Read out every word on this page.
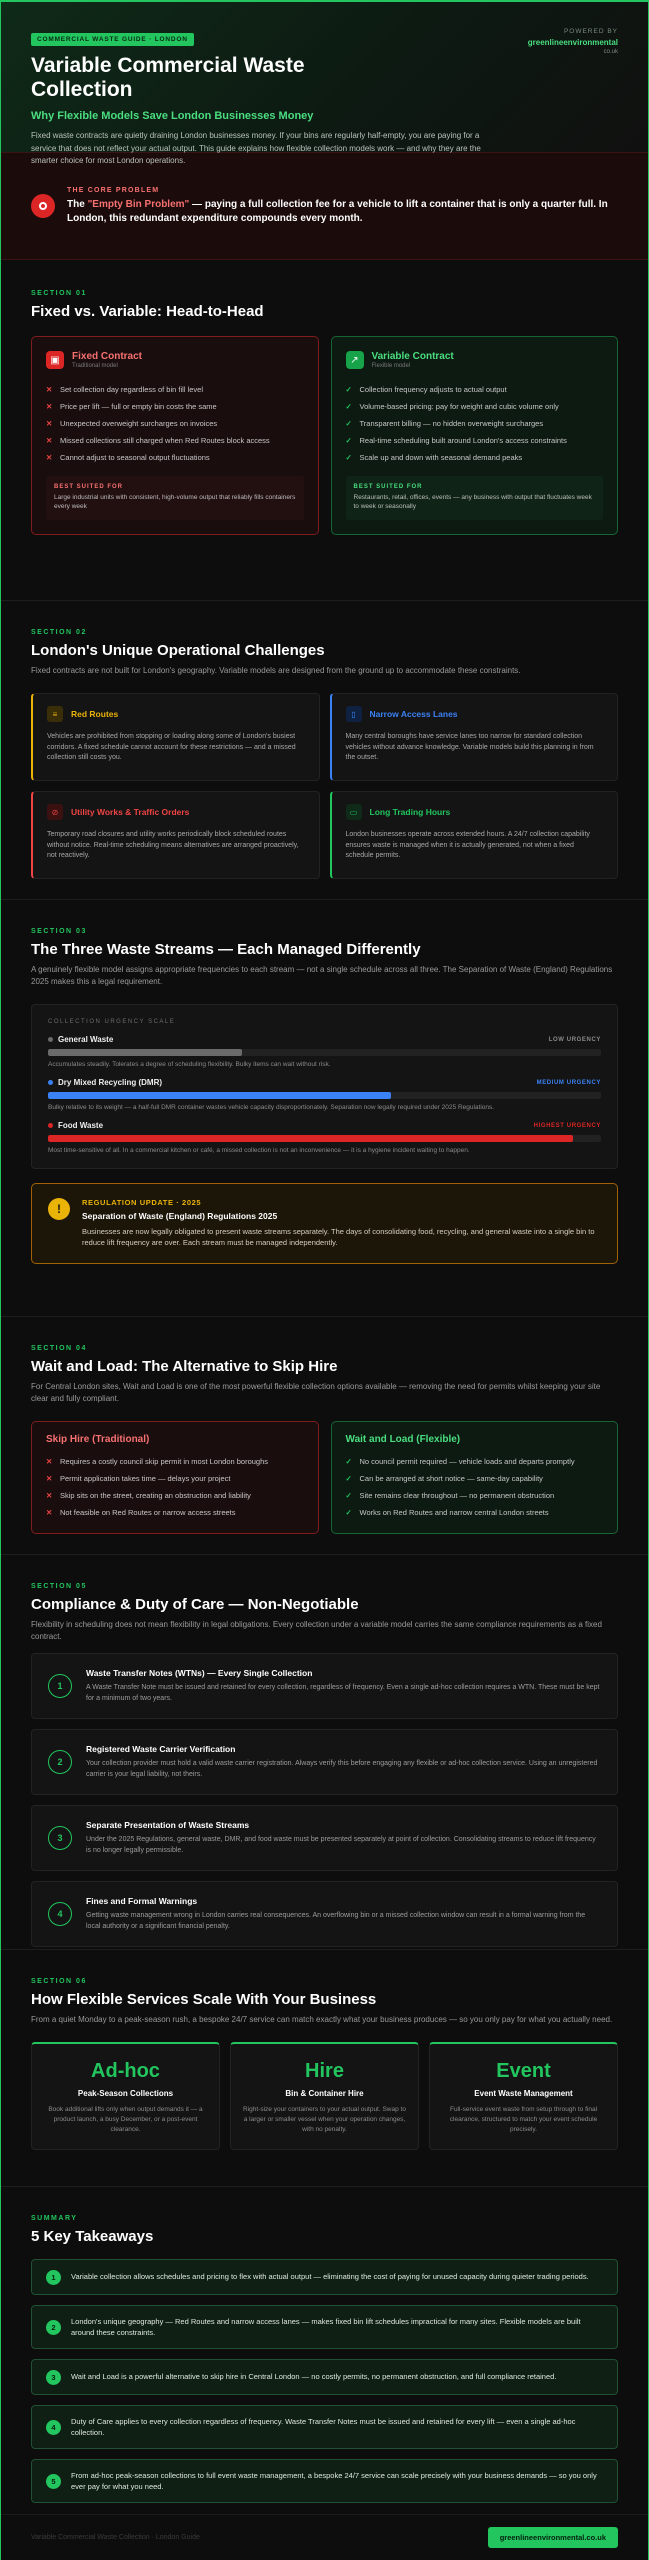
COMMERCIAL WASTE GUIDE · LONDON
Variable Commercial Waste Collection
Why Flexible Models Save London Businesses Money

Fixed waste contracts are quietly draining London businesses money. If your bins are regularly half-empty, you are paying for a service that does not reflect your actual output. This guide explains how flexible collection models work — and why they are the smarter choice for most London operations.

POWERED BY
greenlineenvironmental
co.uk
THE CORE PROBLEM
The "Empty Bin Problem" — paying a full collection fee for a vehicle to lift a container that is only a quarter full. In London, this redundant expenditure compounds every month.
SECTION 01
Fixed vs. Variable: Head-to-Head
▣	Fixed Contract
Traditional model
✕ Set collection day regardless of bin fill level
✕ Price per lift — full or empty bin costs the same
✕ Unexpected overweight surcharges on invoices
✕ Missed collections still charged when Red Routes block access
✕ Cannot adjust to seasonal output fluctuations
BEST SUITED FOR
Large industrial units with consistent, high-volume output that reliably fills containers every week
↗	Variable Contract
Flexible model
✓ Collection frequency adjusts to actual output
✓ Volume-based pricing: pay for weight and cubic volume only
✓ Transparent billing — no hidden overweight surcharges
✓ Real-time scheduling built around London's access constraints
✓ Scale up and down with seasonal demand peaks
BEST SUITED FOR
Restaurants, retail, offices, events — any business with output that fluctuates week to week or seasonally
SECTION 02
London's Unique Operational Challenges
Fixed contracts are not built for London's geography. Variable models are designed from the ground up to accommodate these constraints.
≡	Red Routes
Vehicles are prohibited from stopping or loading along some of London's busiest corridors. A fixed schedule cannot account for these restrictions — and a missed collection still costs you.
▯	Narrow Access Lanes
Many central boroughs have service lanes too narrow for standard collection vehicles without advance knowledge. Variable models build this planning in from the outset.
⊘	Utility Works & Traffic Orders
Temporary road closures and utility works periodically block scheduled routes without notice. Real-time scheduling means alternatives are arranged proactively, not reactively.
▭	Long Trading Hours
London businesses operate across extended hours. A 24/7 collection capability ensures waste is managed when it is actually generated, not when a fixed schedule permits.
SECTION 03
The Three Waste Streams — Each Managed Differently
A genuinely flexible model assigns appropriate frequencies to each stream — not a single schedule across all three. The Separation of Waste (England) Regulations 2025 makes this a legal requirement.
COLLECTION URGENCY SCALE
General Waste	LOW URGENCY
Accumulates steadily. Tolerates a degree of scheduling flexibility. Bulky items can wait without risk.
Dry Mixed Recycling (DMR)	MEDIUM URGENCY
Bulky relative to its weight — a half-full DMR container wastes vehicle capacity disproportionately. Separation now legally required under 2025 Regulations.
Food Waste	HIGHEST URGENCY
Most time-sensitive of all. In a commercial kitchen or café, a missed collection is not an inconvenience — it is a hygiene incident waiting to happen.
!	REGULATION UPDATE · 2025
Separation of Waste (England) Regulations 2025
Businesses are now legally obligated to present waste streams separately. The days of consolidating food, recycling, and general waste into a single bin to reduce lift frequency are over. Each stream must be managed independently.
SECTION 04
Wait and Load: The Alternative to Skip Hire
For Central London sites, Wait and Load is one of the most powerful flexible collection options available — removing the need for permits whilst keeping your site clear and fully compliant.
Skip Hire (Traditional)
✕ Requires a costly council skip permit in most London boroughs
✕ Permit application takes time — delays your project
✕ Skip sits on the street, creating an obstruction and liability
✕ Not feasible on Red Routes or narrow access streets
Wait and Load (Flexible)
✓ No council permit required — vehicle loads and departs promptly
✓ Can be arranged at short notice — same-day capability
✓ Site remains clear throughout — no permanent obstruction
✓ Works on Red Routes and narrow central London streets
SECTION 05
Compliance & Duty of Care — Non-Negotiable
Flexibility in scheduling does not mean flexibility in legal obligations. Every collection under a variable model carries the same compliance requirements as a fixed contract.
1
Waste Transfer Notes (WTNs) — Every Single Collection
A Waste Transfer Note must be issued and retained for every collection, regardless of frequency. Even a single ad-hoc collection requires a WTN. These must be kept for a minimum of two years.
2
Registered Waste Carrier Verification
Your collection provider must hold a valid waste carrier registration. Always verify this before engaging any flexible or ad-hoc collection service. Using an unregistered carrier is your legal liability, not theirs.
3
Separate Presentation of Waste Streams
Under the 2025 Regulations, general waste, DMR, and food waste must be presented separately at point of collection. Consolidating streams to reduce lift frequency is no longer legally permissible.
4
Fines and Formal Warnings
Getting waste management wrong in London carries real consequences. An overflowing bin or a missed collection window can result in a formal warning from the local authority or a significant financial penalty.
SECTION 06
How Flexible Services Scale With Your Business
From a quiet Monday to a peak-season rush, a bespoke 24/7 service can match exactly what your business produces — so you only pay for what you actually need.
Ad-hoc
Peak-Season Collections
Book additional lifts only when output demands it — a product launch, a busy December, or a post-event clearance.
Hire
Bin & Container Hire
Right-size your containers to your actual output. Swap to a larger or smaller vessel when your operation changes, with no penalty.
Event
Event Waste Management
Full-service event waste from setup through to final clearance, structured to match your event schedule precisely.
SUMMARY
5 Key Takeaways
1	Variable collection allows schedules and pricing to flex with actual output — eliminating the cost of paying for unused capacity during quieter trading periods.
2
London's unique geography — Red Routes and narrow access lanes — makes fixed bin lift schedules impractical for many sites. Flexible models are built around these constraints.
3	Wait and Load is a powerful alternative to skip hire in Central London — no costly permits, no permanent obstruction, and full compliance retained.
4
Duty of Care applies to every collection regardless of frequency. Waste Transfer Notes must be issued and retained for every lift — even a single ad-hoc collection.
5
From ad-hoc peak-season collections to full event waste management, a bespoke 24/7 service can scale precisely with your business demands — so you only ever pay for what you need.
Variable Commercial Waste Collection · London Guide	greenlineenvironmental.co.uk
